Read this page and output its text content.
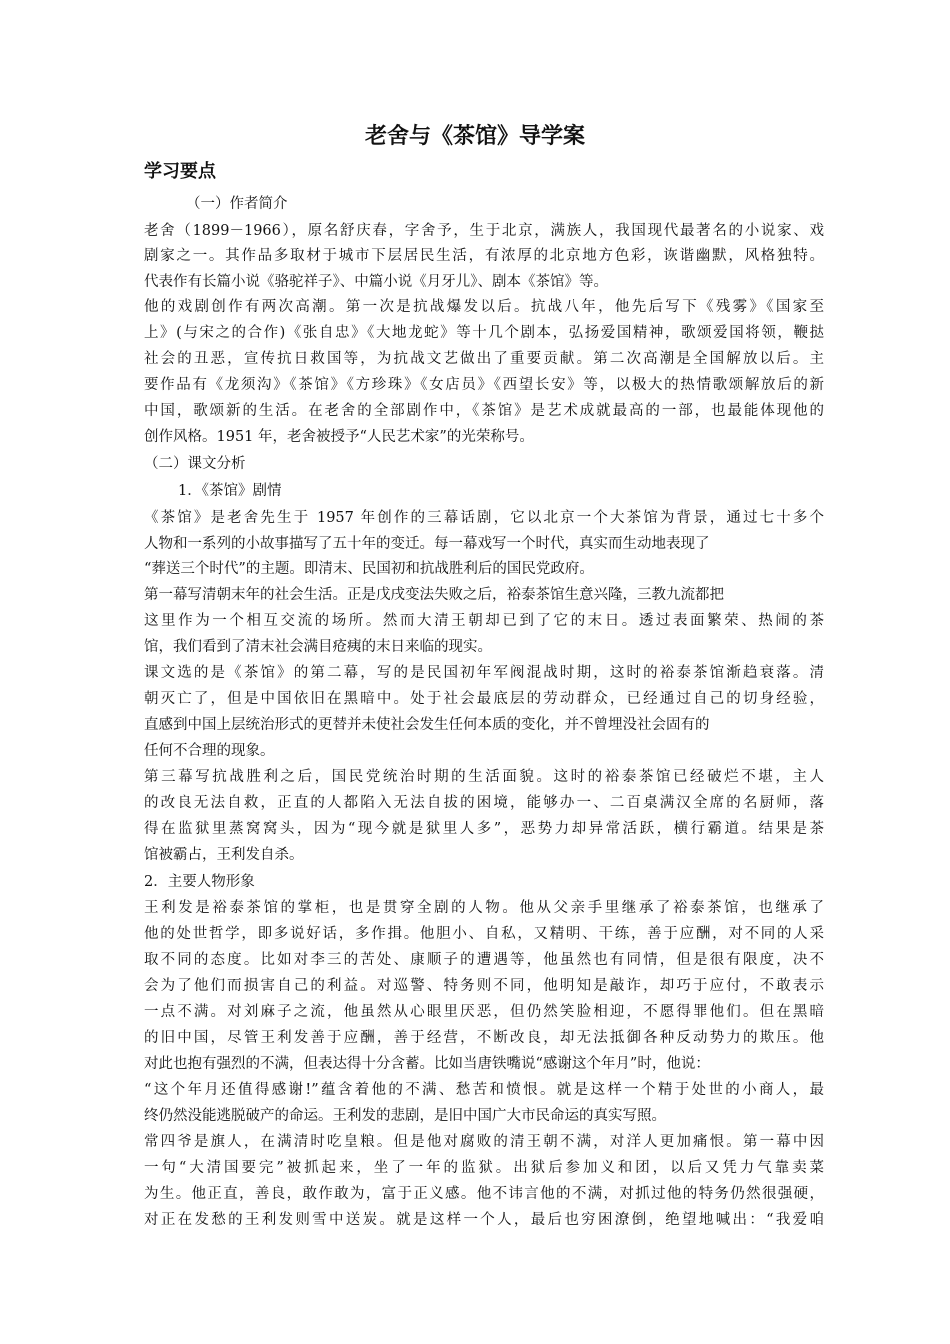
老舍与《茶馆》导学案
学习要点
（一）作者简介
老舍（1899－1966），原名舒庆春，字舍予，生于北京，满族人，我国现代最著名的小说家、戏
剧家之一。其作品多取材于城市下层居民生活，有浓厚的北京地方色彩，诙谐幽默，风格独特。
代表作有长篇小说《骆驼祥子》、中篇小说《月牙儿》、剧本《茶馆》等。
他的戏剧创作有两次高潮。第一次是抗战爆发以后。抗战八年，他先后写下《残雾》《国家至
上》(与宋之的合作)《张自忠》《大地龙蛇》等十几个剧本，弘扬爱国精神，歌颂爱国将领，鞭挞
社会的丑恶，宣传抗日救国等，为抗战文艺做出了重要贡献。第二次高潮是全国解放以后。主
要作品有《龙须沟》《茶馆》《方珍珠》《女店员》《西望长安》等，以极大的热情歌颂解放后的新
中国，歌颂新的生活。在老舍的全部剧作中，《茶馆》是艺术成就最高的一部，也最能体现他的
创作风格。1951 年，老舍被授予“人民艺术家”的光荣称号。
（二）课文分析
1．《茶馆》剧情
《茶馆》是老舍先生于 1957 年创作的三幕话剧，它以北京一个大茶馆为背景，通过七十多个
人物和一系列的小故事描写了五十年的变迁。每一幕戏写一个时代，真实而生动地表现了
“葬送三个时代”的主题。即清末、民国初和抗战胜利后的国民党政府。
第一幕写清朝末年的社会生活。正是戊戌变法失败之后，裕泰茶馆生意兴隆，三教九流都把
这里作为一个相互交流的场所。然而大清王朝却已到了它的末日。透过表面繁荣、热闹的茶
馆，我们看到了清末社会满目疮痍的末日来临的现实。
课文选的是《茶馆》的第二幕，写的是民国初年军阀混战时期，这时的裕泰茶馆渐趋衰落。清
朝灭亡了，但是中国依旧在黑暗中。处于社会最底层的劳动群众，已经通过自己的切身经验，
直感到中国上层统治形式的更替并未使社会发生任何本质的变化，并不曾埋没社会固有的
任何不合理的现象。
第三幕写抗战胜利之后，国民党统治时期的生活面貌。这时的裕泰茶馆已经破烂不堪，主人
的改良无法自救，正直的人都陷入无法自拔的困境，能够办一、二百桌满汉全席的名厨师，落
得在监狱里蒸窝窝头，因为“现今就是狱里人多”，恶势力却异常活跃，横行霸道。结果是茶
馆被霸占，王利发自杀。
2．主要人物形象
王利发是裕泰茶馆的掌柜，也是贯穿全剧的人物。他从父亲手里继承了裕泰茶馆，也继承了
他的处世哲学，即多说好话，多作揖。他胆小、自私，又精明、干练，善于应酬，对不同的人采
取不同的态度。比如对李三的苦处、康顺子的遭遇等，他虽然也有同情，但是很有限度，决不
会为了他们而损害自己的利益。对巡警、特务则不同，他明知是敲诈，却巧于应付，不敢表示
一点不满。对刘麻子之流，他虽然从心眼里厌恶，但仍然笑脸相迎，不愿得罪他们。但在黑暗
的旧中国，尽管王利发善于应酬，善于经营，不断改良，却无法抵御各种反动势力的欺压。他
对此也抱有强烈的不满，但表达得十分含蓄。比如当唐铁嘴说“感谢这个年月”时，他说：
“这个年月还值得感谢!”蕴含着他的不满、愁苦和愤恨。就是这样一个精于处世的小商人，最
终仍然没能逃脱破产的命运。王利发的悲剧，是旧中国广大市民命运的真实写照。
常四爷是旗人，在满清时吃皇粮。但是他对腐败的清王朝不满，对洋人更加痛恨。第一幕中因
一句“大清国要完”被抓起来，坐了一年的监狱。出狱后参加义和团，以后又凭力气靠卖菜
为生。他正直，善良，敢作敢为，富于正义感。他不讳言他的不满，对抓过他的特务仍然很强硬，
对正在发愁的王利发则雪中送炭。就是这样一个人，最后也穷困潦倒，绝望地喊出：“我爱咱
